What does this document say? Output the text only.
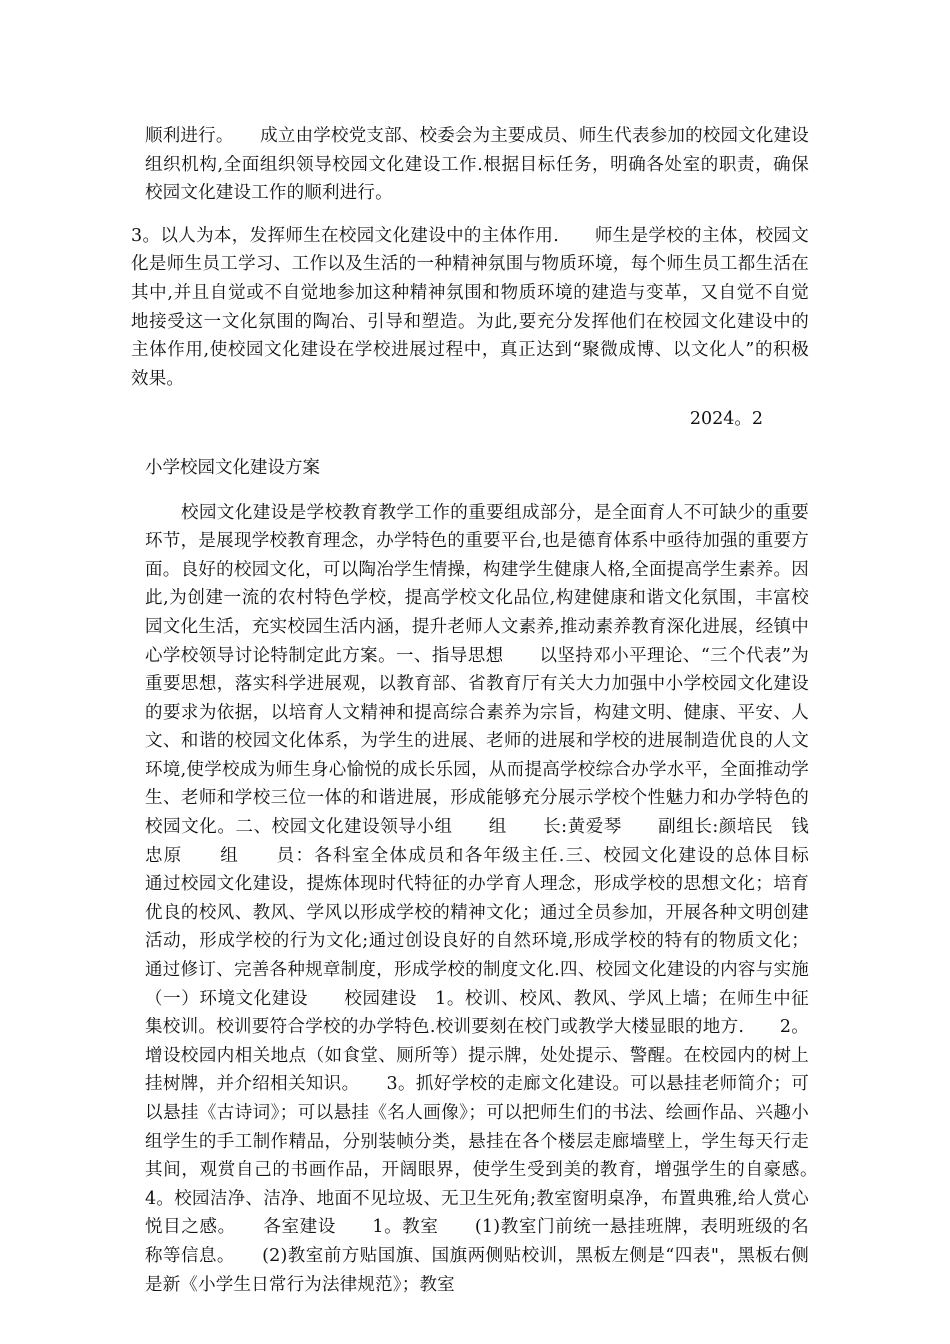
顺利进行。　　成立由学校党支部、校委会为主要成员、师生代表参加的校园文化建设组织机构,全面组织领导校园文化建设工作.根据目标任务，明确各处室的职责，确保校园文化建设工作的顺利进行。

3。以人为本，发挥师生在校园文化建设中的主体作用.　　师生是学校的主体，校园文化是师生员工学习、工作以及生活的一种精神氛围与物质环境，每个师生员工都生活在其中,并且自觉或不自觉地参加这种精神氛围和物质环境的建造与变革，又自觉不自觉地接受这一文化氛围的陶冶、引导和塑造。为此,要充分发挥他们在校园文化建设中的主体作用,使校园文化建设在学校进展过程中，真正达到“聚微成博、以文化人”的积极效果。

2024。2

小学校园文化建设方案

校园文化建设是学校教育教学工作的重要组成部分，是全面育人不可缺少的重要环节，是展现学校教育理念，办学特色的重要平台,也是德育体系中亟待加强的重要方面。良好的校园文化，可以陶冶学生情操，构建学生健康人格,全面提高学生素养。因此,为创建一流的农村特色学校，提高学校文化品位,构建健康和谐文化氛围，丰富校园文化生活，充实校园生活内涵，提升老师人文素养,推动素养教育深化进展，经镇中心学校领导讨论特制定此方案。一、指导思想　　以坚持邓小平理论、“三个代表”为重要思想，落实科学进展观，以教育部、省教育厅有关大力加强中小学校园文化建设的要求为依据，以培育人文精神和提高综合素养为宗旨，构建文明、健康、平安、人文、和谐的校园文化体系，为学生的进展、老师的进展和学校的进展制造优良的人文环境,使学校成为师生身心愉悦的成长乐园，从而提高学校综合办学水平，全面推动学生、老师和学校三位一体的和谐进展，形成能够充分展示学校个性魅力和办学特色的校园文化。二、校园文化建设领导小组　　组　　长:黄爱琴　　副组长:颜培民　钱忠原　　组　　员：各科室全体成员和各年级主任.三、校园文化建设的总体目标　　通过校园文化建设，提炼体现时代特征的办学育人理念，形成学校的思想文化；培育优良的校风、教风、学风以形成学校的精神文化；通过全员参加，开展各种文明创建活动，形成学校的行为文化;通过创设良好的自然环境,形成学校的特有的物质文化；通过修订、完善各种规章制度，形成学校的制度文化.四、校园文化建设的内容与实施　　（一）环境文化建设　　校园建设　1。校训、校风、教风、学风上墙；在师生中征集校训。校训要符合学校的办学特色.校训要刻在校门或教学大楼显眼的地方.　　2。增设校园内相关地点（如食堂、厕所等）提示牌，处处提示、警醒。在校园内的树上挂树牌，并介绍相关知识。　　3。抓好学校的走廊文化建设。可以悬挂老师简介；可以悬挂《古诗词》；可以悬挂《名人画像》；可以把师生们的书法、绘画作品、兴趣小组学生的手工制作精品，分别装帧分类，悬挂在各个楼层走廊墙壁上，学生每天行走其间，观赏自己的书画作品，开阔眼界，使学生受到美的教育，增强学生的自豪感。　4。校园洁净、洁净、地面不见垃圾、无卫生死角;教室窗明桌净，布置典雅,给人赏心悦目之感。　　各室建设　　1。教室　　(1)教室门前统一悬挂班牌，表明班级的名称等信息。　　(2)教室前方贴国旗、国旗两侧贴校训，黑板左侧是“四表"，黑板右侧是新《小学生日常行为法律规范》；教室
